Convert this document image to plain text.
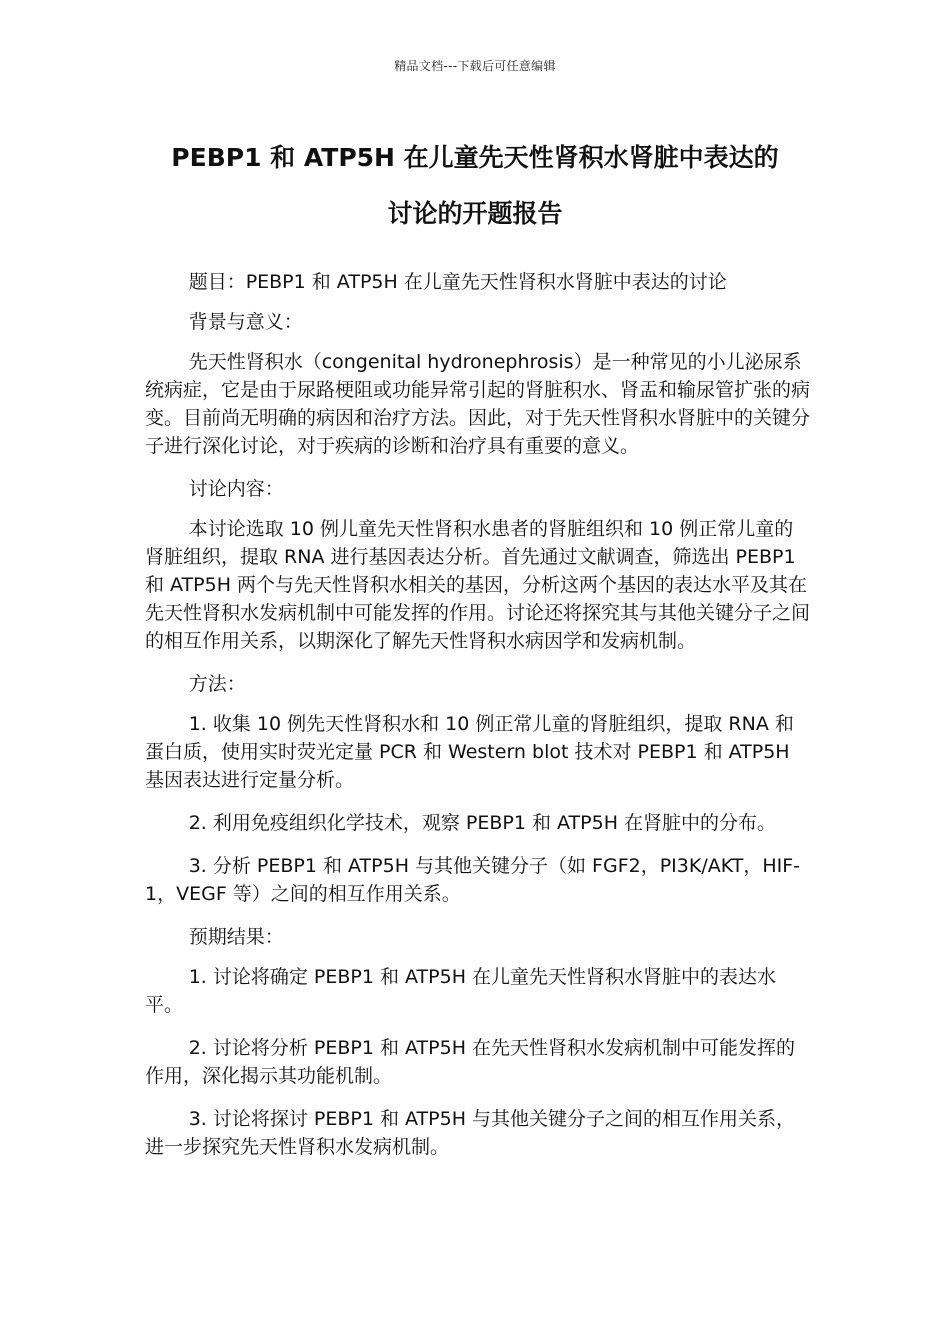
精品文档---下载后可任意编辑
PEBP1 和 ATP5H 在儿童先天性肾积水肾脏中表达的
讨论的开题报告

题目：PEBP1 和 ATP5H 在儿童先天性肾积水肾脏中表达的讨论

背景与意义：

先天性肾积水（congenital hydronephrosis）是一种常见的小儿泌尿系统病症，它是由于尿路梗阻或功能异常引起的肾脏积水、肾盂和输尿管扩张的病变。目前尚无明确的病因和治疗方法。因此，对于先天性肾积水肾脏中的关键分子进行深化讨论，对于疾病的诊断和治疗具有重要的意义。

讨论内容：

本讨论选取 10 例儿童先天性肾积水患者的肾脏组织和 10 例正常儿童的肾脏组织，提取 RNA 进行基因表达分析。首先通过文献调查，筛选出 PEBP1 和 ATP5H 两个与先天性肾积水相关的基因，分析这两个基因的表达水平及其在先天性肾积水发病机制中可能发挥的作用。讨论还将探究其与其他关键分子之间的相互作用关系，以期深化了解先天性肾积水病因学和发病机制。

方法：

1. 收集 10 例先天性肾积水和 10 例正常儿童的肾脏组织，提取 RNA 和蛋白质，使用实时荧光定量 PCR 和 Western blot 技术对 PEBP1 和 ATP5H 基因表达进行定量分析。

2. 利用免疫组织化学技术，观察 PEBP1 和 ATP5H 在肾脏中的分布。

3. 分析 PEBP1 和 ATP5H 与其他关键分子（如 FGF2，PI3K/AKT，HIF-1，VEGF 等）之间的相互作用关系。

预期结果：

1. 讨论将确定 PEBP1 和 ATP5H 在儿童先天性肾积水肾脏中的表达水平。

2. 讨论将分析 PEBP1 和 ATP5H 在先天性肾积水发病机制中可能发挥的作用，深化揭示其功能机制。

3. 讨论将探讨 PEBP1 和 ATP5H 与其他关键分子之间的相互作用关系，进一步探究先天性肾积水发病机制。
